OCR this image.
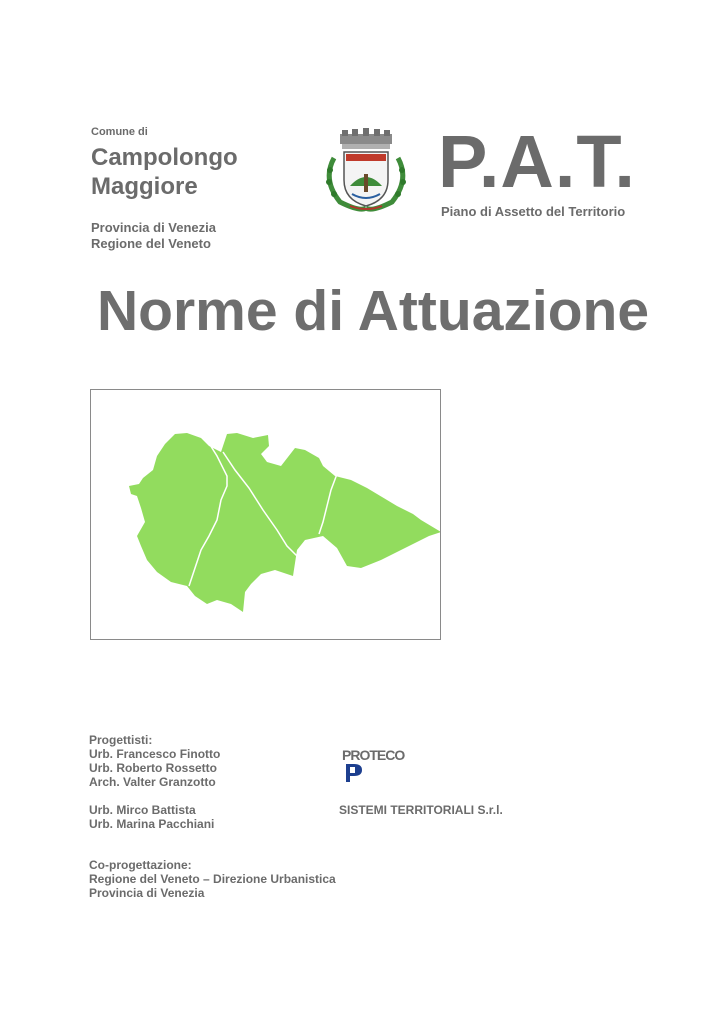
Comune di
Campolongo
Maggiore
Provincia di Venezia
Regione del Veneto
P.A.T.
Piano di Assetto del Territorio
Norme di Attuazione
Progettisti:
Urb. Francesco Finotto
Urb. Roberto Rossetto
Arch. Valter Granzotto
Urb. Mirco Battista
Urb. Marina Pacchiani
PROTECO
SISTEMI TERRITORIALI S.r.l.
Co-progettazione:
Regione del Veneto – Direzione Urbanistica
Provincia di Venezia
